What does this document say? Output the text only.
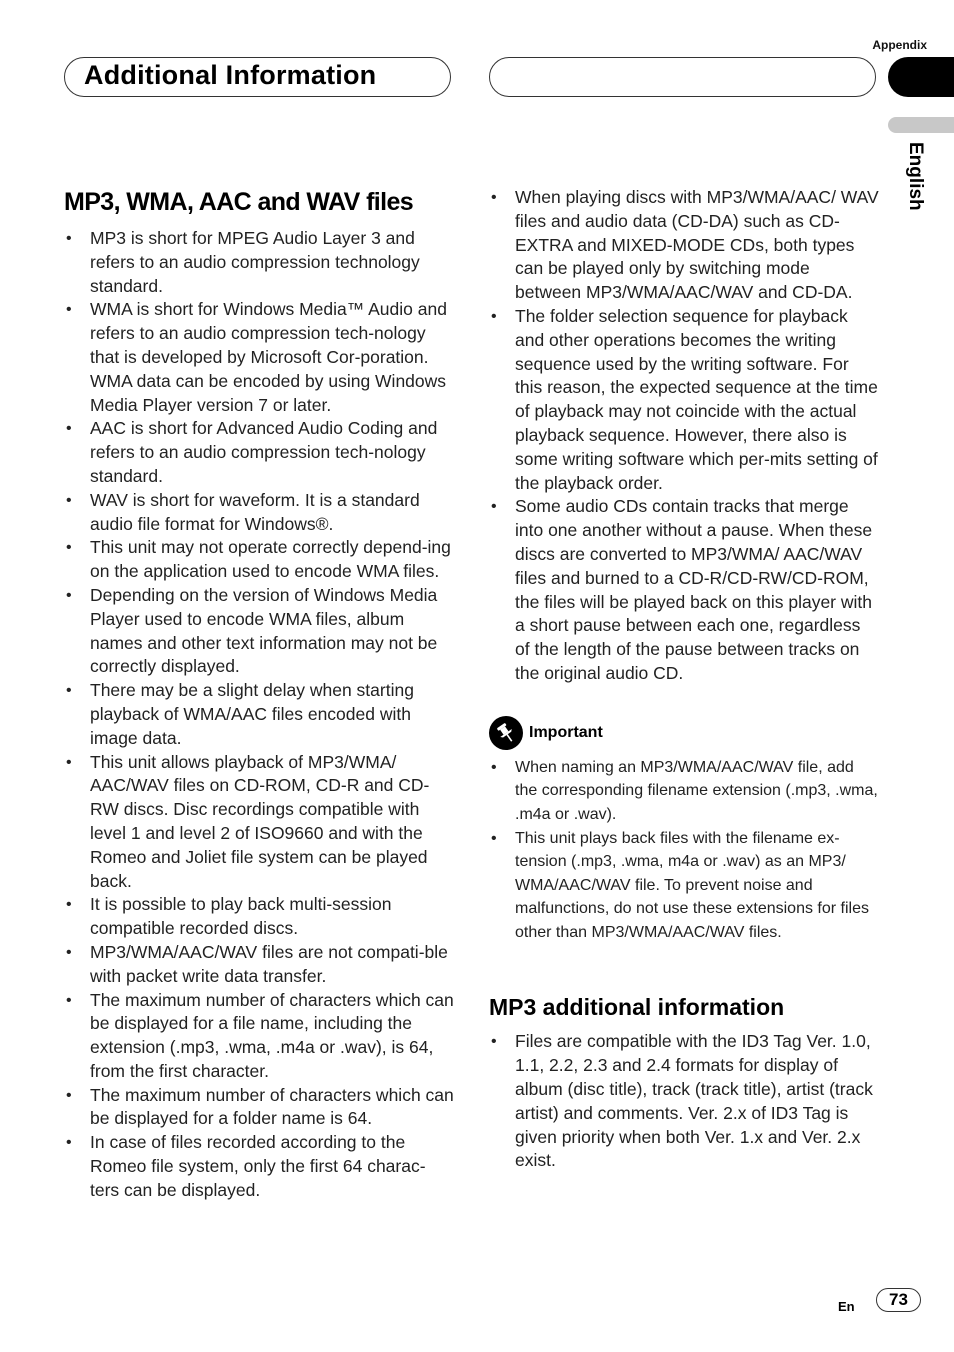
Appendix
Additional Information
English
MP3, WMA, AAC and WAV files
• MP3 is short for MPEG Audio Layer 3 and refers to an audio compression technology standard.
• WMA is short for Windows Media™ Audio and refers to an audio compression tech-nology that is developed by Microsoft Cor-poration. WMA data can be encoded by using Windows Media Player version 7 or later.
• AAC is short for Advanced Audio Coding and refers to an audio compression tech-nology standard.
• WAV is short for waveform. It is a standard audio file format for Windows®.
• This unit may not operate correctly depend-ing on the application used to encode WMA files.
• Depending on the version of Windows Media Player used to encode WMA files, album names and other text information may not be correctly displayed.
• There may be a slight delay when starting playback of WMA/AAC files encoded with image data.
• This unit allows playback of MP3/WMA/ AAC/WAV files on CD-ROM, CD-R and CD-RW discs. Disc recordings compatible with level 1 and level 2 of ISO9660 and with the Romeo and Joliet file system can be played back.
• It is possible to play back multi-session compatible recorded discs.
• MP3/WMA/AAC/WAV files are not compati-ble with packet write data transfer.
• The maximum number of characters which can be displayed for a file name, including the extension (.mp3, .wma, .m4a or .wav), is 64, from the first character.
• The maximum number of characters which can be displayed for a folder name is 64.
• In case of files recorded according to the Romeo file system, only the first 64 charac-ters can be displayed.
• When playing discs with MP3/WMA/AAC/ WAV files and audio data (CD-DA) such as CD-EXTRA and MIXED-MODE CDs, both types can be played only by switching mode between MP3/WMA/AAC/WAV and CD-DA.
• The folder selection sequence for playback and other operations becomes the writing sequence used by the writing software. For this reason, the expected sequence at the time of playback may not coincide with the actual playback sequence. However, there also is some writing software which per-mits setting of the playback order.
• Some audio CDs contain tracks that merge into one another without a pause. When these discs are converted to MP3/WMA/ AAC/WAV files and burned to a CD-R/CD-RW/CD-ROM, the files will be played back on this player with a short pause between each one, regardless of the length of the pause between tracks on the original audio CD.
Important
• When naming an MP3/WMA/AAC/WAV file, add the corresponding filename extension (.mp3, .wma, .m4a or .wav).
• This unit plays back files with the filename ex-tension (.mp3, .wma, m4a or .wav) as an MP3/ WMA/AAC/WAV file. To prevent noise and malfunctions, do not use these extensions for files other than MP3/WMA/AAC/WAV files.
MP3 additional information
• Files are compatible with the ID3 Tag Ver. 1.0, 1.1, 2.2, 2.3 and 2.4 formats for display of album (disc title), track (track title), artist (track artist) and comments. Ver. 2.x of ID3 Tag is given priority when both Ver. 1.x and Ver. 2.x exist.
En	73
